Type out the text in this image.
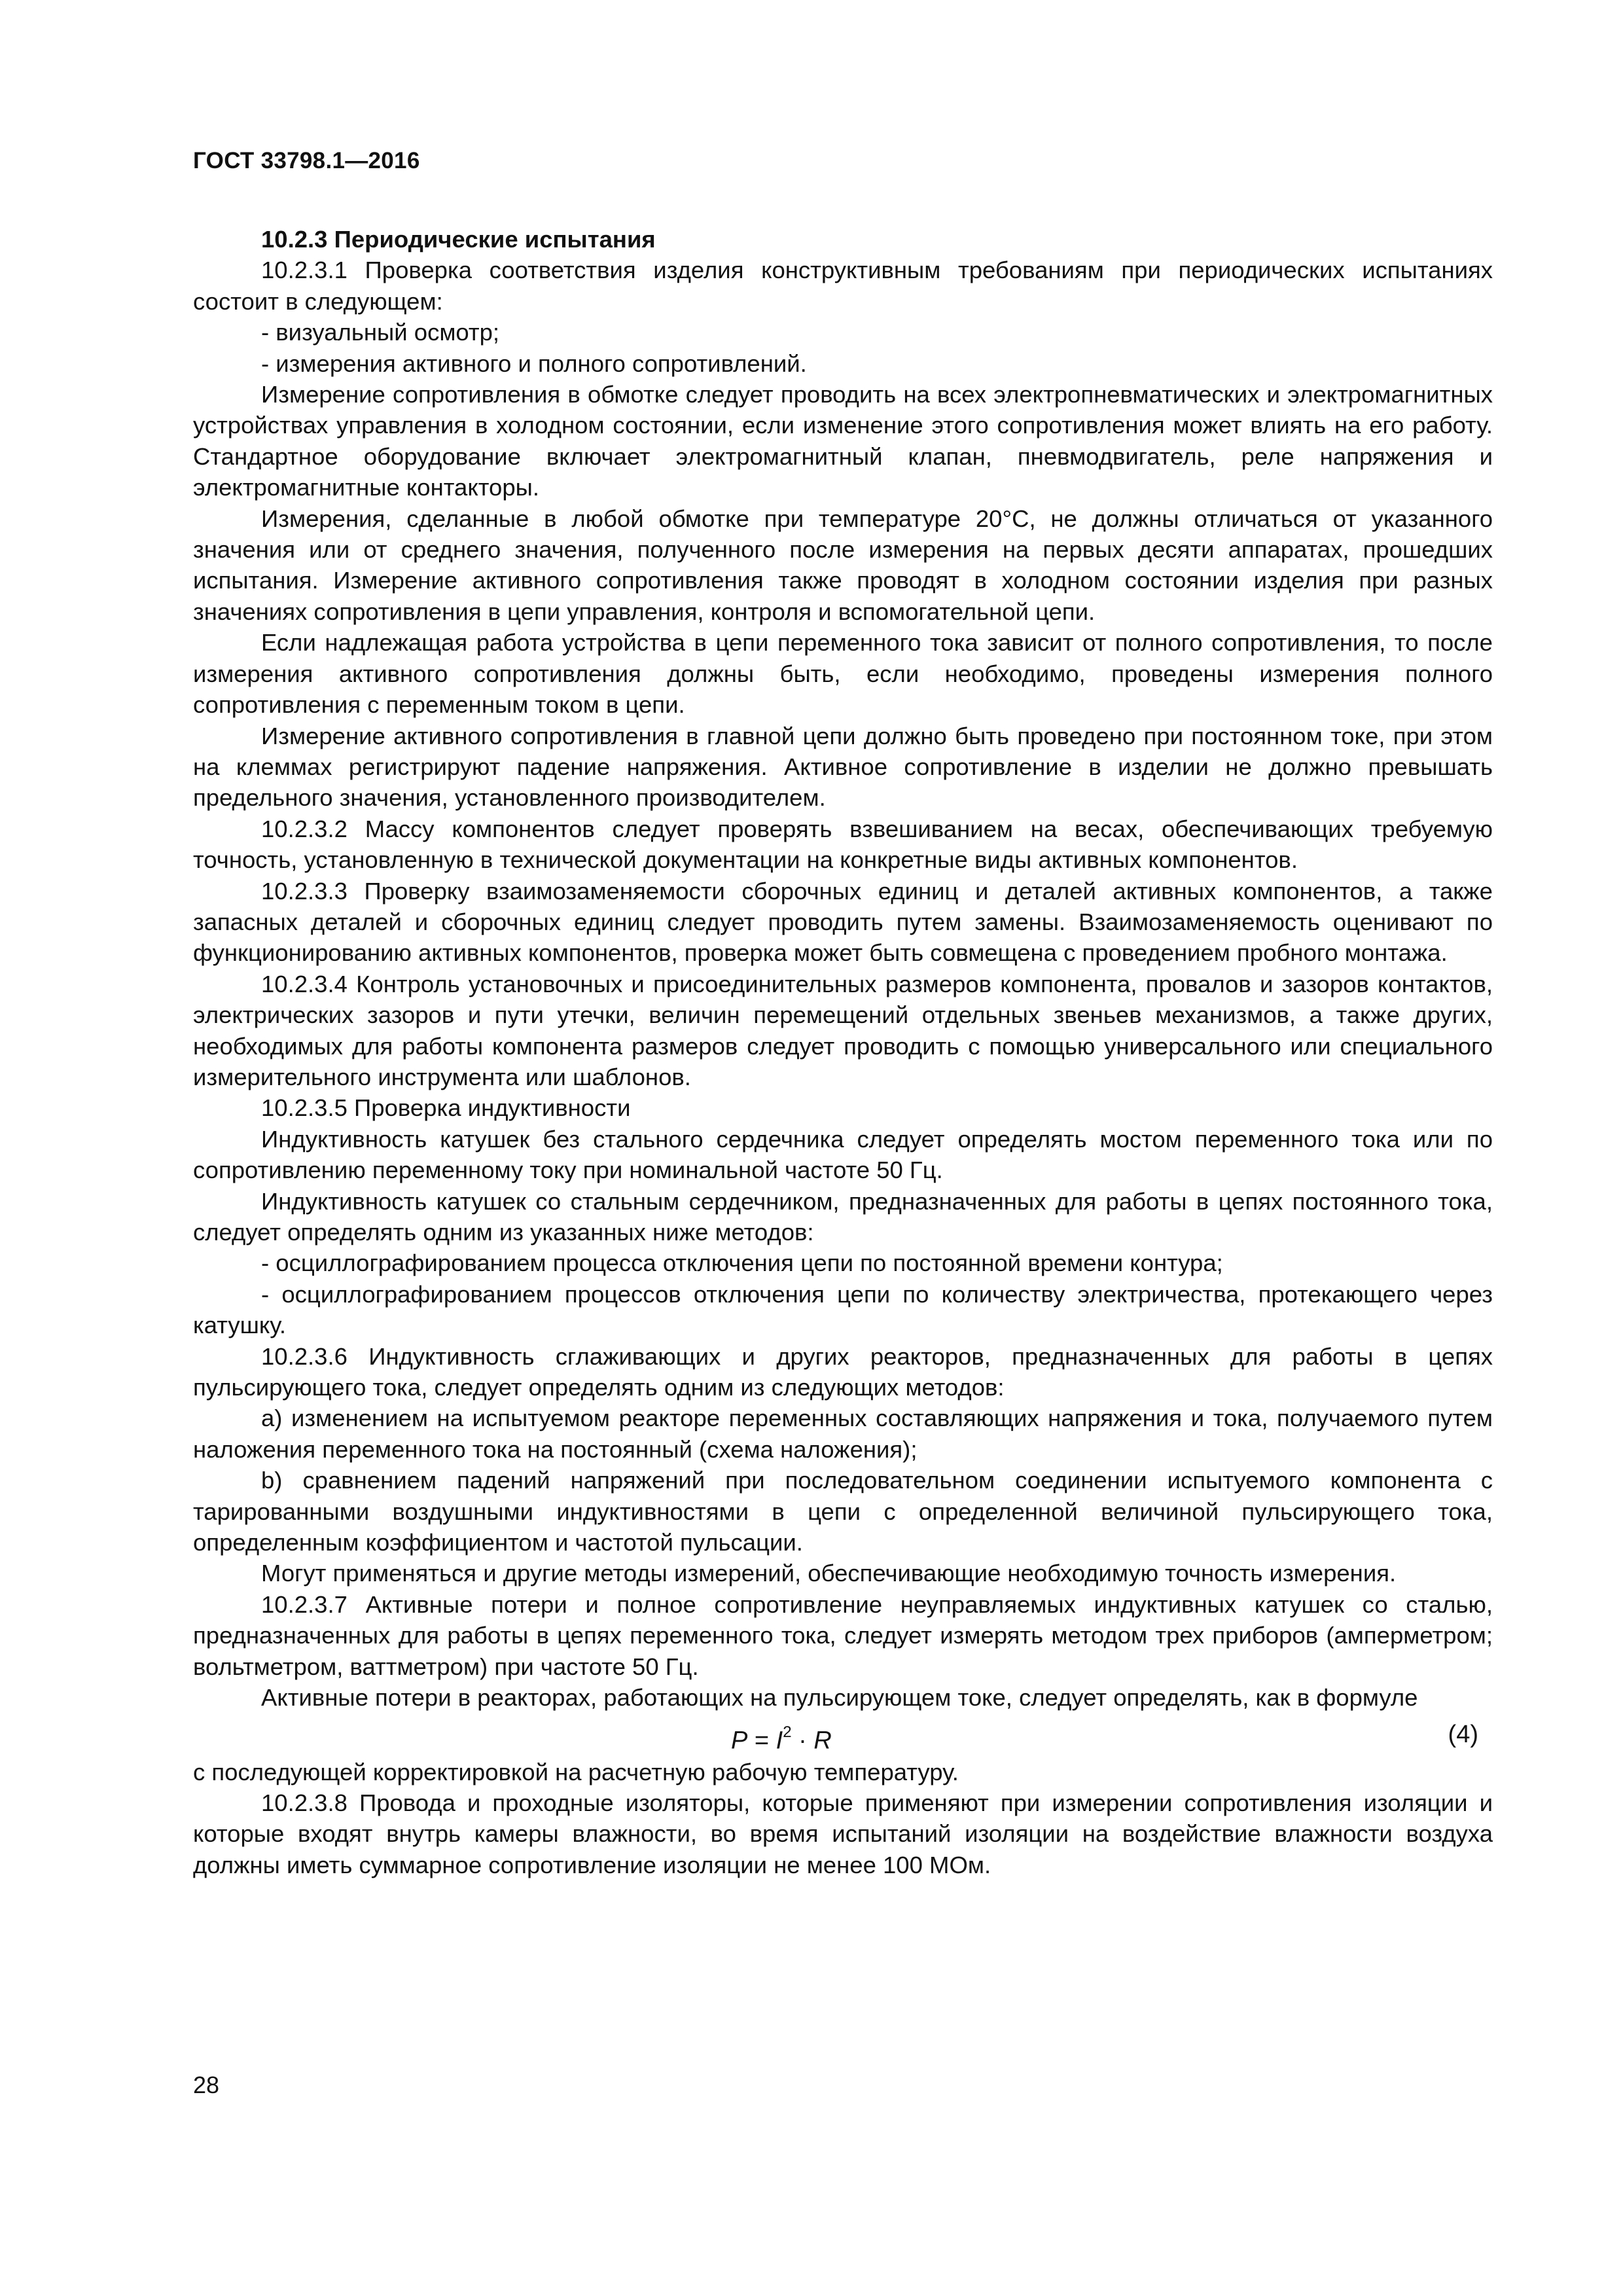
ГОСТ 33798.1—2016

10.2.3 Периодические испытания

10.2.3.1 Проверка соответствия изделия конструктивным требованиям при периодических испытаниях состоит в следующем:

- визуальный осмотр;

- измерения активного и полного сопротивлений.

Измерение сопротивления в обмотке следует проводить на всех электропневматических и электромагнитных устройствах управления в холодном состоянии, если изменение этого сопротивления может влиять на его работу. Стандартное оборудование включает электромагнитный клапан, пневмодвигатель, реле напряжения и электромагнитные контакторы.

Измерения, сделанные в любой обмотке при температуре 20°С, не должны отличаться от указанного значения или от среднего значения, полученного после измерения на первых десяти аппаратах, прошедших испытания. Измерение активного сопротивления также проводят в холодном состоянии изделия при разных значениях сопротивления в цепи управления, контроля и вспомогательной цепи.

Если надлежащая работа устройства в цепи переменного тока зависит от полного сопротивления, то после измерения активного сопротивления должны быть, если необходимо, проведены измерения полного сопротивления с переменным током в цепи.

Измерение активного сопротивления в главной цепи должно быть проведено при постоянном токе, при этом на клеммах регистрируют падение напряжения. Активное сопротивление в изделии не должно превышать предельного значения, установленного производителем.

10.2.3.2 Массу компонентов следует проверять взвешиванием на весах, обеспечивающих требуемую точность, установленную в технической документации на конкретные виды активных компонентов.

10.2.3.3 Проверку взаимозаменяемости сборочных единиц и деталей активных компонентов, а также запасных деталей и сборочных единиц следует проводить путем замены. Взаимозаменяемость оценивают по функционированию активных компонентов, проверка может быть совмещена с проведением пробного монтажа.

10.2.3.4 Контроль установочных и присоединительных размеров компонента, провалов и зазоров контактов, электрических зазоров и пути утечки, величин перемещений отдельных звеньев механизмов, а также других, необходимых для работы компонента размеров следует проводить с помощью универсального или специального измерительного инструмента или шаблонов.

10.2.3.5 Проверка индуктивности

Индуктивность катушек без стального сердечника следует определять мостом переменного тока или по сопротивлению переменному току при номинальной частоте 50 Гц.

Индуктивность катушек со стальным сердечником, предназначенных для работы в цепях постоянного тока, следует определять одним из указанных ниже методов:

- осциллографированием процесса отключения цепи по постоянной времени контура;

- осциллографированием процессов отключения цепи по количеству электричества, протекающего через катушку.

10.2.3.6 Индуктивность сглаживающих и других реакторов, предназначенных для работы в цепях пульсирующего тока, следует определять одним из следующих методов:

а) изменением на испытуемом реакторе переменных составляющих напряжения и тока, получаемого путем наложения переменного тока на постоянный (схема наложения);

b) сравнением падений напряжений при последовательном соединении испытуемого компонента с тарированными воздушными индуктивностями в цепи с определенной величиной пульсирующего тока, определенным коэффициентом и частотой пульсации.

Могут применяться и другие методы измерений, обеспечивающие необходимую точность измерения.

10.2.3.7 Активные потери и полное сопротивление неуправляемых индуктивных катушек со сталью, предназначенных для работы в цепях переменного тока, следует измерять методом трех приборов (амперметром; вольтметром, ваттметром) при частоте 50 Гц.

Активные потери в реакторах, работающих на пульсирующем токе, следует определять, как в формуле

$P = I^2 \cdot R$	(4)

с последующей корректировкой на расчетную рабочую температуру.

10.2.3.8 Провода и проходные изоляторы, которые применяют при измерении сопротивления изоляции и которые входят внутрь камеры влажности, во время испытаний изоляции на воздействие влажности воздуха должны иметь суммарное сопротивление изоляции не менее 100 МОм.

28
